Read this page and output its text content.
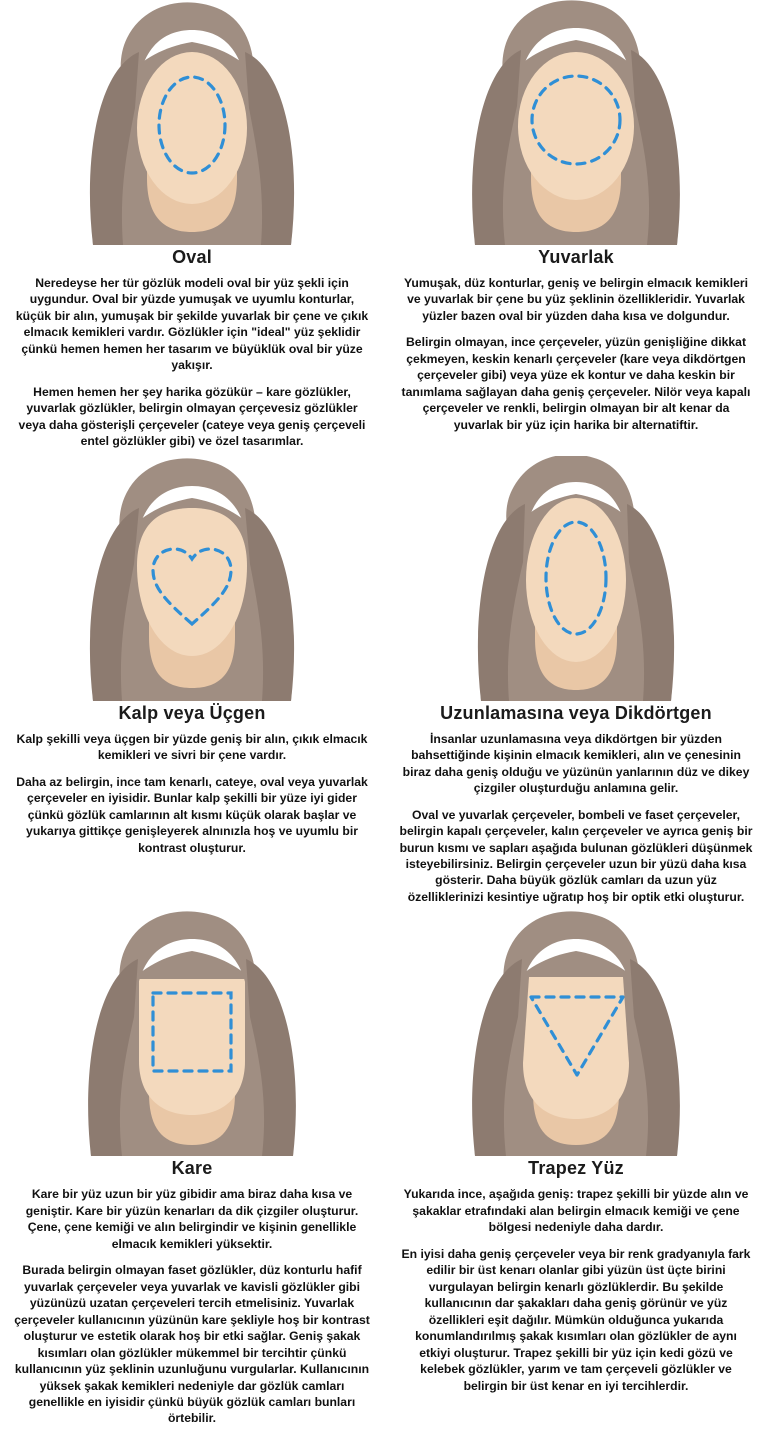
Oval

Neredeyse her tür gözlük modeli oval bir yüz şekli için uygundur. Oval bir yüzde yumuşak ve uyumlu konturlar, küçük bir alın, yumuşak bir şekilde yuvarlak bir çene ve çıkık elmacık kemikleri vardır. Gözlükler için "ideal" yüz şeklidir çünkü hemen hemen her tasarım ve büyüklük oval bir yüze yakışır.

Hemen hemen her şey harika gözükür – kare gözlükler, yuvarlak gözlükler, belirgin olmayan çerçevesiz gözlükler veya daha gösterişli çerçeveler (cateye veya geniş çerçeveli entel gözlükler gibi) ve özel tasarımlar.

Yuvarlak

Yumuşak, düz konturlar, geniş ve belirgin elmacık kemikleri ve yuvarlak bir çene bu yüz şeklinin özellikleridir. Yuvarlak yüzler bazen oval bir yüzden daha kısa ve dolgundur.

Belirgin olmayan, ince çerçeveler, yüzün genişliğine dikkat çekmeyen, keskin kenarlı çerçeveler (kare veya dikdörtgen çerçeveler gibi) veya yüze ek kontur ve daha keskin bir tanımlama sağlayan daha geniş çerçeveler. Nilör veya kapalı çerçeveler ve renkli, belirgin olmayan bir alt kenar da yuvarlak bir yüz için harika bir alternatiftir.

Kalp veya Üçgen

Kalp şekilli veya üçgen bir yüzde geniş bir alın, çıkık elmacık kemikleri ve sivri bir çene vardır.

Daha az belirgin, ince tam kenarlı, cateye, oval veya yuvarlak çerçeveler en iyisidir. Bunlar kalp şekilli bir yüze iyi gider çünkü gözlük camlarının alt kısmı küçük olarak başlar ve yukarıya gittikçe genişleyerek alnınızla hoş ve uyumlu bir kontrast oluşturur.

Uzunlamasına veya Dikdörtgen

İnsanlar uzunlamasına veya dikdörtgen bir yüzden bahsettiğinde kişinin elmacık kemikleri, alın ve çenesinin biraz daha geniş olduğu ve yüzünün yanlarının düz ve dikey çizgiler oluşturduğu anlamına gelir.

Oval ve yuvarlak çerçeveler, bombeli ve faset çerçeveler, belirgin kapalı çerçeveler, kalın çerçeveler ve ayrıca geniş bir burun kısmı ve sapları aşağıda bulunan gözlükleri düşünmek isteyebilirsiniz. Belirgin çerçeveler uzun bir yüzü daha kısa gösterir. Daha büyük gözlük camları da uzun yüz özelliklerinizi kesintiye uğratıp hoş bir optik etki oluşturur.

Kare

Kare bir yüz uzun bir yüz gibidir ama biraz daha kısa ve geniştir. Kare bir yüzün kenarları da dik çizgiler oluşturur. Çene, çene kemiği ve alın belirgindir ve kişinin genellikle elmacık kemikleri yüksektir.

Burada belirgin olmayan faset gözlükler, düz konturlu hafif yuvarlak çerçeveler veya yuvarlak ve kavisli gözlükler gibi yüzünüzü uzatan çerçeveleri tercih etmelisiniz. Yuvarlak çerçeveler kullanıcının yüzünün kare şekliyle hoş bir kontrast oluşturur ve estetik olarak hoş bir etki sağlar. Geniş şakak kısımları olan gözlükler mükemmel bir tercihtir çünkü kullanıcının yüz şeklinin uzunluğunu vurgularlar. Kullanıcının yüksek şakak kemikleri nedeniyle dar gözlük camları genellikle en iyisidir çünkü büyük gözlük camları bunları örtebilir.

Trapez Yüz

Yukarıda ince, aşağıda geniş: trapez şekilli bir yüzde alın ve şakaklar etrafındaki alan belirgin elmacık kemiği ve çene bölgesi nedeniyle daha dardır.

En iyisi daha geniş çerçeveler veya bir renk gradyanıyla fark edilir bir üst kenarı olanlar gibi yüzün üst üçte birini vurgulayan belirgin kenarlı gözlüklerdir. Bu şekilde kullanıcının dar şakakları daha geniş görünür ve yüz özellikleri eşit dağılır. Mümkün olduğunca yukarıda konumlandırılmış şakak kısımları olan gözlükler de aynı etkiyi oluşturur. Trapez şekilli bir yüz için kedi gözü ve kelebek gözlükler, yarım ve tam çerçeveli gözlükler ve belirgin bir üst kenar en iyi tercihlerdir.
